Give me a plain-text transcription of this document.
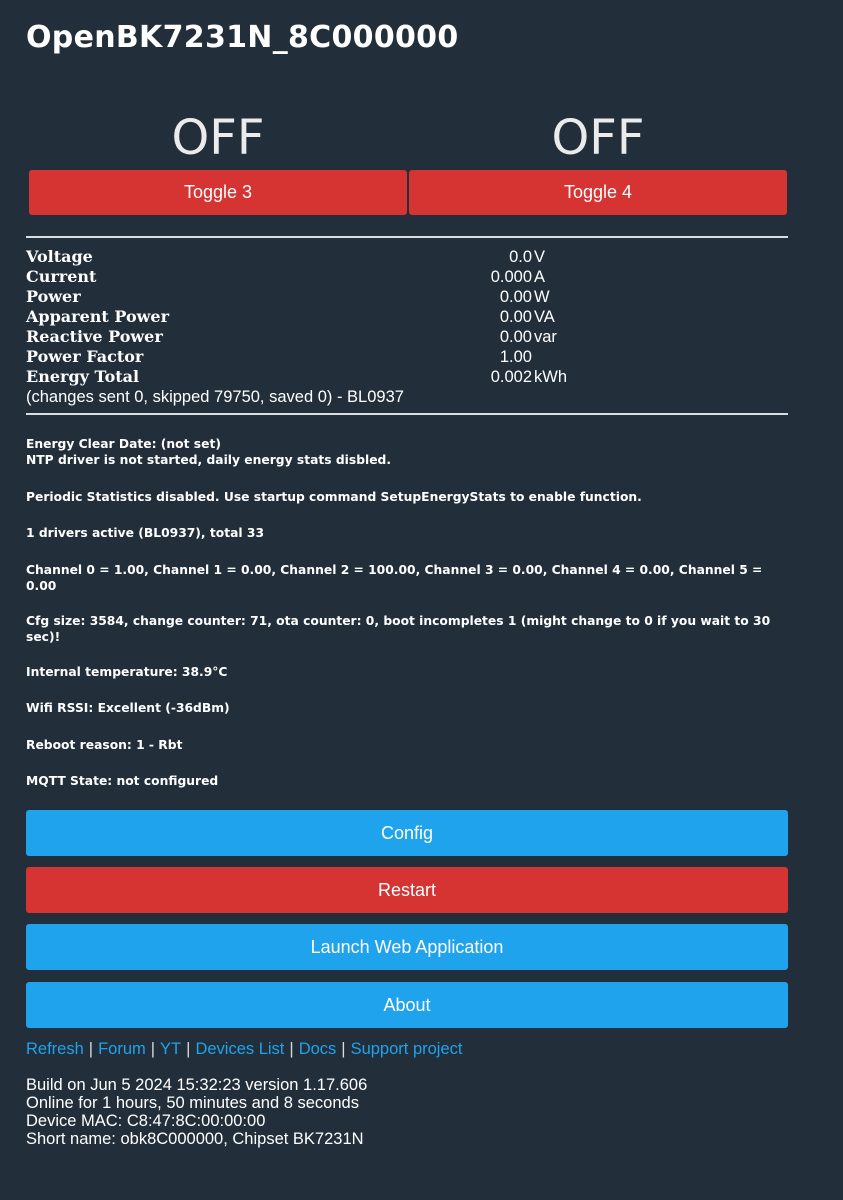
OpenBK7231N_8C000000
OFF
Toggle 3
OFF
Toggle 4
Voltage	0.0	V
Current	0.000	A
Power	0.00	W
Apparent Power	0.00	VA
Reactive Power	0.00	var
Power Factor	1.00	
Energy Total	0.002	kWh
(changes sent 0, skipped 79750, saved 0) - BL0937
Energy Clear Date: (not set)
NTP driver is not started, daily energy stats disbled.
Periodic Statistics disabled. Use startup command SetupEnergyStats to enable function.
1 drivers active (BL0937), total 33
Channel 0 = 1.00, Channel 1 = 0.00, Channel 2 = 100.00, Channel 3 = 0.00, Channel 4 = 0.00, Channel 5 = 0.00
Cfg size: 3584, change counter: 71, ota counter: 0, boot incompletes 1 (might change to 0 if you wait to 30 sec)!
Internal temperature: 38.9°C
Wifi RSSI: Excellent (-36dBm)
Reboot reason: 1 - Rbt
MQTT State: not configured
Config
Restart
Launch Web Application
About
Refresh | Forum | YT | Devices List | Docs | Support project
Build on Jun 5 2024 15:32:23 version 1.17.606
Online for 1 hours, 50 minutes and 8 seconds
Device MAC: C8:47:8C:00:00:00
Short name: obk8C000000, Chipset BK7231N
